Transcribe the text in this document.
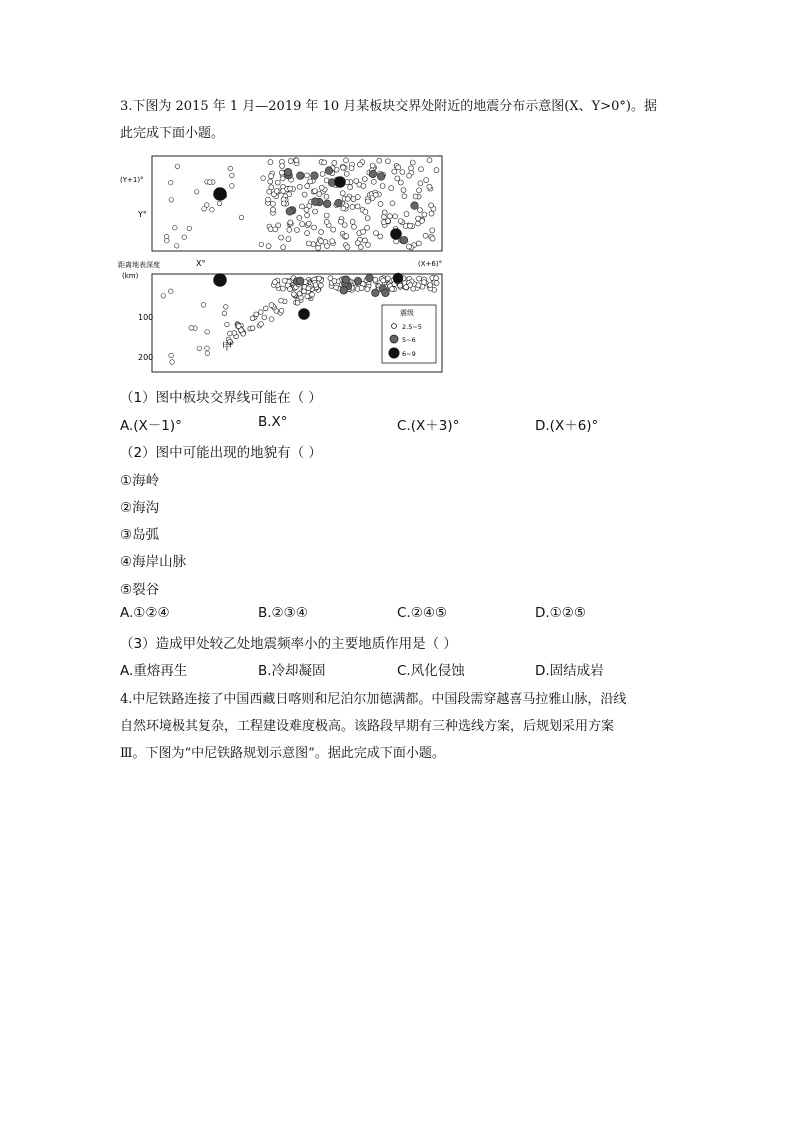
3.下图为 2015 年 1 月—2019 年 10 月某板块交界处附近的地震分布示意图(X、Y>0°)。据
此完成下面小题。
(Y+1)°
Y°
X°	(X+6)°
距离地表深度
(km)
100
200
甲
震级
2.5~5
5~6
6~9
（1）图中板块交界线可能在（ ）
A.(X－1)°	B.X°	C.(X＋3)°	D.(X＋6)°
（2）图中可能出现的地貌有（ ）
①海岭
②海沟
③岛弧
④海岸山脉
⑤裂谷
A.①②④	B.②③④	C.②④⑤	D.①②⑤
（3）造成甲处较乙处地震频率小的主要地质作用是（ ）
A.重熔再生	B.冷却凝固	C.风化侵蚀	D.固结成岩
4.中尼铁路连接了中国西藏日喀则和尼泊尔加德满都。中国段需穿越喜马拉雅山脉，沿线
自然环境极其复杂，工程建设难度极高。该路段早期有三种选线方案，后规划采用方案
Ⅲ。下图为“中尼铁路规划示意图”。据此完成下面小题。
